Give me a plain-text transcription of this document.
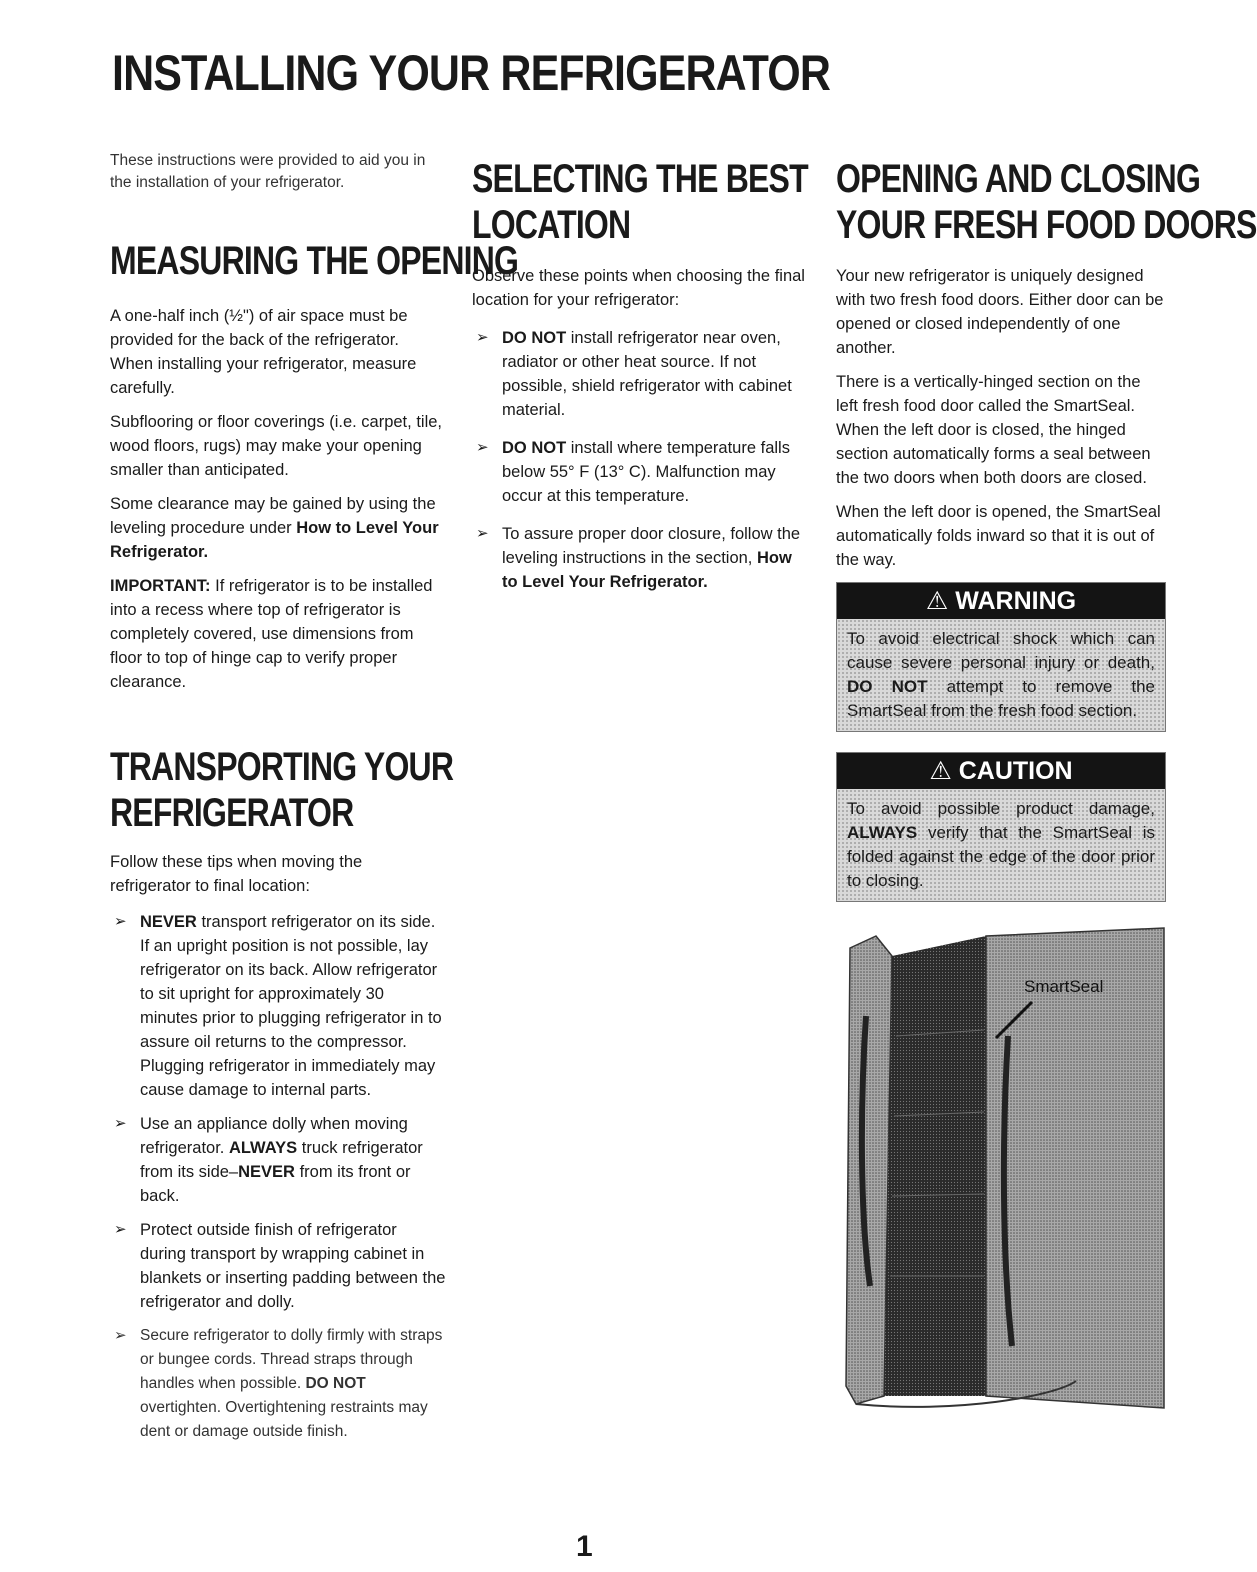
INSTALLING YOUR REFRIGERATOR

These instructions were provided to aid you in the installation of your refrigerator.

MEASURING THE OPENING

A one-half inch (½") of air space must be provided for the back of the refrigerator. When installing your refrigerator, measure carefully.

Subflooring or floor coverings (i.e. carpet, tile, wood floors, rugs) may make your opening smaller than anticipated.

Some clearance may be gained by using the leveling procedure under How to Level Your Refrigerator.

IMPORTANT: If refrigerator is to be installed into a recess where top of refrigerator is completely covered, use dimensions from floor to top of hinge cap to verify proper clearance.

TRANSPORTING YOUR
REFRIGERATOR

Follow these tips when moving the refrigerator to final location:

➢ NEVER transport refrigerator on its side. If an upright position is not possible, lay refrigerator on its back. Allow refrigerator to sit upright for approximately 30 minutes prior to plugging refrigerator in to assure oil returns to the compressor. Plugging refrigerator in immediately may cause damage to internal parts.
➢ Use an appliance dolly when moving refrigerator. ALWAYS truck refrigerator from its side–NEVER from its front or back.
➢ Protect outside finish of refrigerator during transport by wrapping cabinet in blankets or inserting padding between the refrigerator and dolly.
➢ Secure refrigerator to dolly firmly with straps or bungee cords. Thread straps through handles when possible. DO NOT overtighten. Overtightening restraints may dent or damage outside finish.
SELECTING THE BEST
LOCATION

Observe these points when choosing the final location for your refrigerator:

➢ DO NOT install refrigerator near oven, radiator or other heat source. If not possible, shield refrigerator with cabinet material.
➢ DO NOT install where temperature falls below 55° F (13° C). Malfunction may occur at this temperature.
➢ To assure proper door closure, follow the leveling instructions in the section, How to Level Your Refrigerator.
OPENING AND CLOSING
YOUR FRESH FOOD DOORS

Your new refrigerator is uniquely designed with two fresh food doors. Either door can be opened or closed independently of one another.

There is a vertically-hinged section on the left fresh food door called the SmartSeal. When the left door is closed, the hinged section automatically forms a seal between the two doors when both doors are closed.

When the left door is opened, the SmartSeal automatically folds inward so that it is out of the way.

⚠ WARNING
To avoid electrical shock which can cause severe personal injury or death, DO NOT attempt to remove the SmartSeal from the fresh food section.
⚠ CAUTION
To avoid possible product damage, ALWAYS verify that the SmartSeal is folded against the edge of the door prior to closing.
SmartSeal
1
